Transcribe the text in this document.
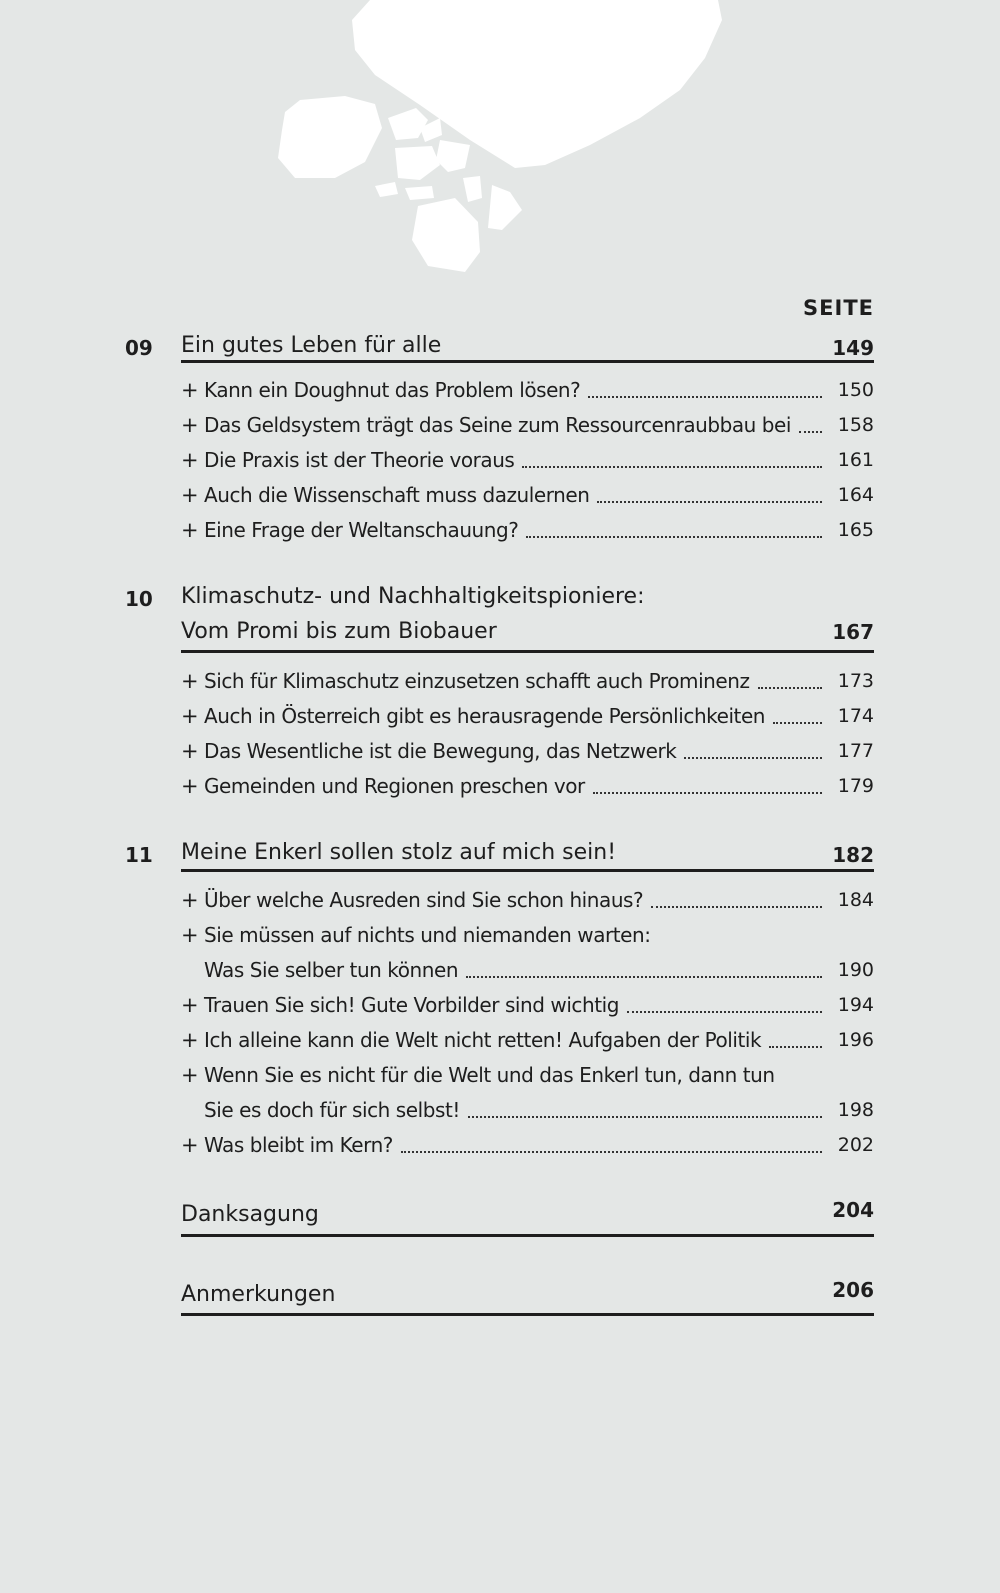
SEITE
09 Ein gutes Leben für alle	149
+ Kann ein Doughnut das Problem lösen?	150
+ Das Geldsystem trägt das Seine zum Ressourcenraubbau bei	158
+ Die Praxis ist der Theorie voraus	161
+ Auch die Wissenschaft muss dazulernen	164
+ Eine Frage der Weltanschauung?	165
10 Klimaschutz- und Nachhaltigkeitspioniere:
Vom Promi bis zum Biobauer	167
+ Sich für Klimaschutz einzusetzen schafft auch Prominenz	173
+ Auch in Österreich gibt es herausragende Persönlichkeiten	174
+ Das Wesentliche ist die Bewegung, das Netzwerk	177
+ Gemeinden und Regionen preschen vor	179
11 Meine Enkerl sollen stolz auf mich sein!	182
+ Über welche Ausreden sind Sie schon hinaus?	184
+ Sie müssen auf nichts und niemanden warten:
Was Sie selber tun können	190
+ Trauen Sie sich! Gute Vorbilder sind wichtig	194
+ Ich alleine kann die Welt nicht retten! Aufgaben der Politik	196
+ Wenn Sie es nicht für die Welt und das Enkerl tun, dann tun
Sie es doch für sich selbst!	198
+ Was bleibt im Kern?	202
Danksagung	204
Anmerkungen	206
